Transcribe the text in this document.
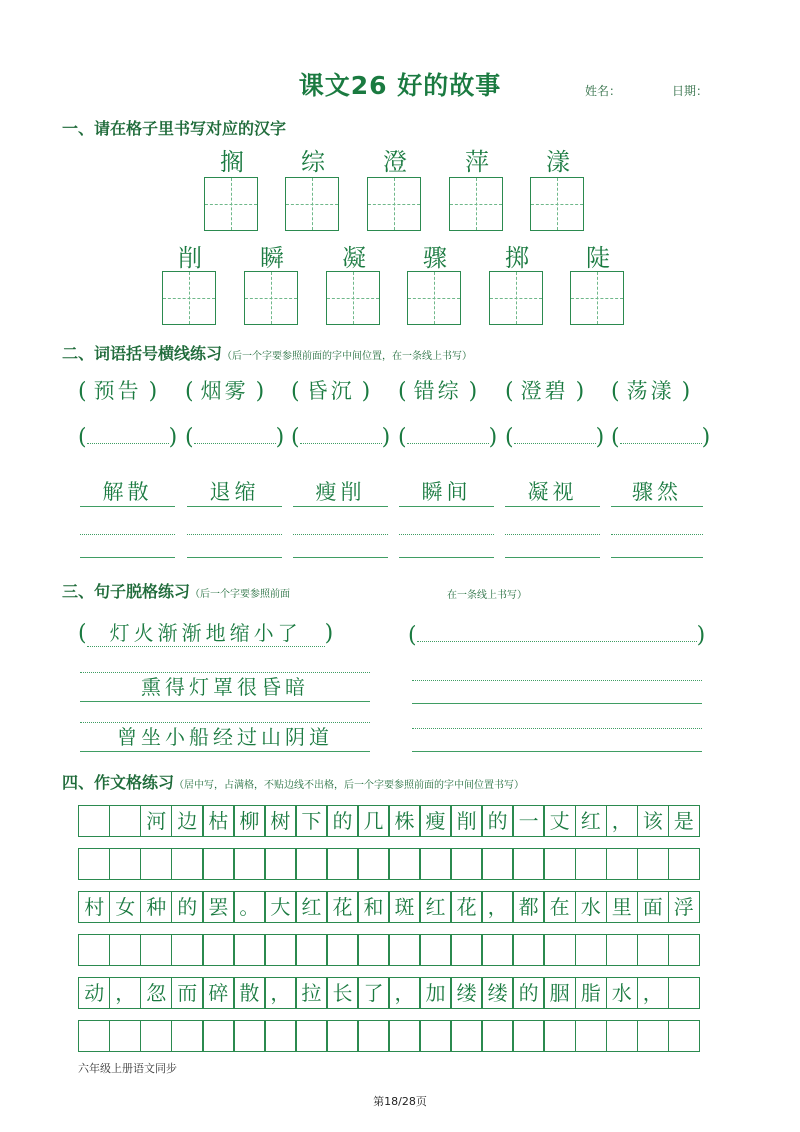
课文26 好的故事	姓名：	日期：
一、请在格子里书写对应的汉字
搁	综	澄	萍	漾
削	瞬	凝	骤	掷	陡
二、词语括号横线练习（后一个字要参照前面的字中间位置，在一条线上书写）
( 预告 ) ( 烟雾 ) ( 昏沉 ) ( 错综 ) ( 澄碧 ) ( 荡漾 )
(	) (	) (	) (	) (	) (	)
解散	退缩	瘦削	瞬间	凝视	骤然
三、句子脱格练习（后一个字要参照前面	在一条线上书写）
( 灯火渐渐地缩小了 )	(	)
熏得灯罩很昏暗
曾坐小船经过山阴道
四、作文格练习（居中写，占满格，不贴边线不出格，后一个字要参照前面的字中间位置书写）
河 边 枯 柳 树 下 的 几 株 瘦 削 的 一 丈 红 ， 该 是
村 女 种 的 罢 。 大 红 花 和 斑 红 花 ， 都 在 水 里 面 浮
动 ， 忽 而 碎 散 ， 拉 长 了 ， 加 缕 缕 的 胭 脂 水 ，
六年级上册语文同步
第18/28页
